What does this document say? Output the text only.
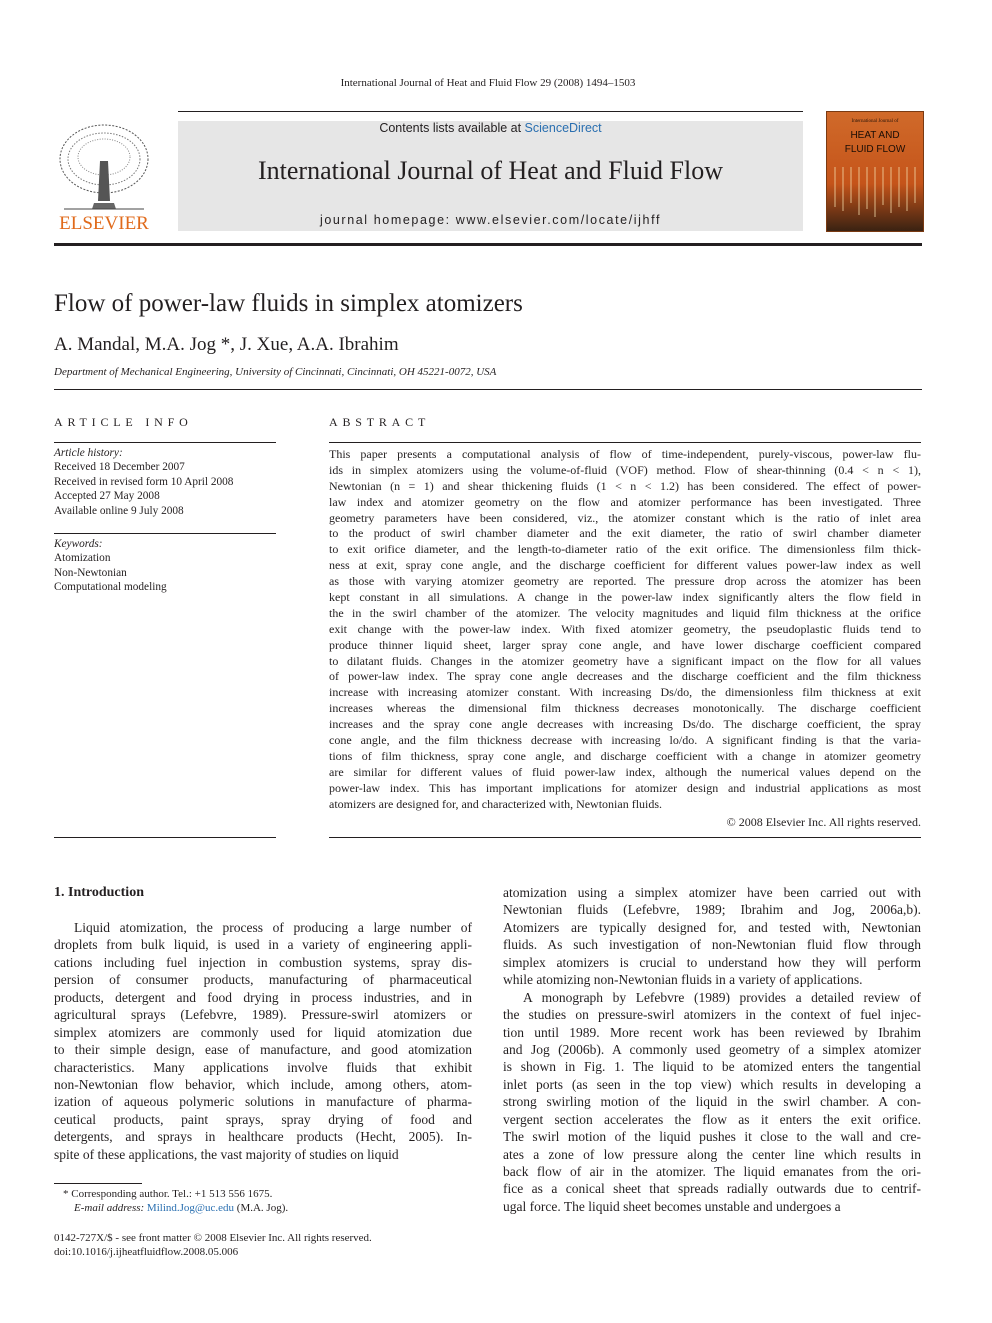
International Journal of Heat and Fluid Flow 29 (2008) 1494–1503
ELSEVIER
Contents lists available at ScienceDirect
International Journal of Heat and Fluid Flow
journal homepage: www.elsevier.com/locate/ijhff
International Journal of
HEAT AND
FLUID FLOW
Flow of power-law fluids in simplex atomizers
A. Mandal, M.A. Jog *, J. Xue, A.A. Ibrahim
Department of Mechanical Engineering, University of Cincinnati, Cincinnati, OH 45221-0072, USA
ARTICLE INFO
Article history:
Received 18 December 2007
Received in revised form 10 April 2008
Accepted 27 May 2008
Available online 9 July 2008
Keywords:
Atomization
Non-Newtonian
Computational modeling
ABSTRACT
This paper presents a computational analysis of flow of time-independent, purely-viscous, power-law flu-
ids in simplex atomizers using the volume-of-fluid (VOF) method. Flow of shear-thinning (0.4 < n < 1),
Newtonian (n = 1) and shear thickening fluids (1 < n < 1.2) has been considered. The effect of power-
law index and atomizer geometry on the flow and atomizer performance has been investigated. Three
geometry parameters have been considered, viz., the atomizer constant which is the ratio of inlet area
to the product of swirl chamber diameter and the exit diameter, the ratio of swirl chamber diameter
to exit orifice diameter, and the length-to-diameter ratio of the exit orifice. The dimensionless film thick-
ness at exit, spray cone angle, and the discharge coefficient for different values power-law index as well
as those with varying atomizer geometry are reported. The pressure drop across the atomizer has been
kept constant in all simulations. A change in the power-law index significantly alters the flow field in
the in the swirl chamber of the atomizer. The velocity magnitudes and liquid film thickness at the orifice
exit change with the power-law index. With fixed atomizer geometry, the pseudoplastic fluids tend to
produce thinner liquid sheet, larger spray cone angle, and have lower discharge coefficient compared
to dilatant fluids. Changes in the atomizer geometry have a significant impact on the flow for all values
of power-law index. The spray cone angle decreases and the discharge coefficient and the film thickness
increase with increasing atomizer constant. With increasing Ds/do, the dimensionless film thickness at exit
increases whereas the dimensional film thickness decreases monotonically. The discharge coefficient
increases and the spray cone angle decreases with increasing Ds/do. The discharge coefficient, the spray
cone angle, and the film thickness decrease with increasing lo/do. A significant finding is that the varia-
tions of film thickness, spray cone angle, and discharge coefficient with a change in atomizer geometry
are similar for different values of fluid power-law index, although the numerical values depend on the
power-law index. This has important implications for atomizer design and industrial applications as most
atomizers are designed for, and characterized with, Newtonian fluids.
© 2008 Elsevier Inc. All rights reserved.
1. Introduction
Liquid atomization, the process of producing a large number of
droplets from bulk liquid, is used in a variety of engineering appli-
cations including fuel injection in combustion systems, spray dis-
persion of consumer products, manufacturing of pharmaceutical
products, detergent and food drying in process industries, and in
agricultural sprays (Lefebvre, 1989). Pressure-swirl atomizers or
simplex atomizers are commonly used for liquid atomization due
to their simple design, ease of manufacture, and good atomization
characteristics. Many applications involve fluids that exhibit
non-Newtonian flow behavior, which include, among others, atom-
ization of aqueous polymeric solutions in manufacture of pharma-
ceutical products, paint sprays, spray drying of food and
detergents, and sprays in healthcare products (Hecht, 2005). In-
spite of these applications, the vast majority of studies on liquid
atomization using a simplex atomizer have been carried out with
Newtonian fluids (Lefebvre, 1989; Ibrahim and Jog, 2006a,b).
Atomizers are typically designed for, and tested with, Newtonian
fluids. As such investigation of non-Newtonian fluid flow through
simplex atomizers is crucial to understand how they will perform
while atomizing non-Newtonian fluids in a variety of applications.
A monograph by Lefebvre (1989) provides a detailed review of
the studies on pressure-swirl atomizers in the context of fuel injec-
tion until 1989. More recent work has been reviewed by Ibrahim
and Jog (2006b). A commonly used geometry of a simplex atomizer
is shown in Fig. 1. The liquid to be atomized enters the tangential
inlet ports (as seen in the top view) which results in developing a
strong swirling motion of the liquid in the swirl chamber. A con-
vergent section accelerates the flow as it enters the exit orifice.
The swirl motion of the liquid pushes it close to the wall and cre-
ates a zone of low pressure along the center line which results in
back flow of air in the atomizer. The liquid emanates from the ori-
fice as a conical sheet that spreads radially outwards due to centrif-
ugal force. The liquid sheet becomes unstable and undergoes a
* Corresponding author. Tel.: +1 513 556 1675.
E-mail address: Milind.Jog@uc.edu (M.A. Jog).
0142-727X/$ - see front matter © 2008 Elsevier Inc. All rights reserved.
doi:10.1016/j.ijheatfluidflow.2008.05.006
